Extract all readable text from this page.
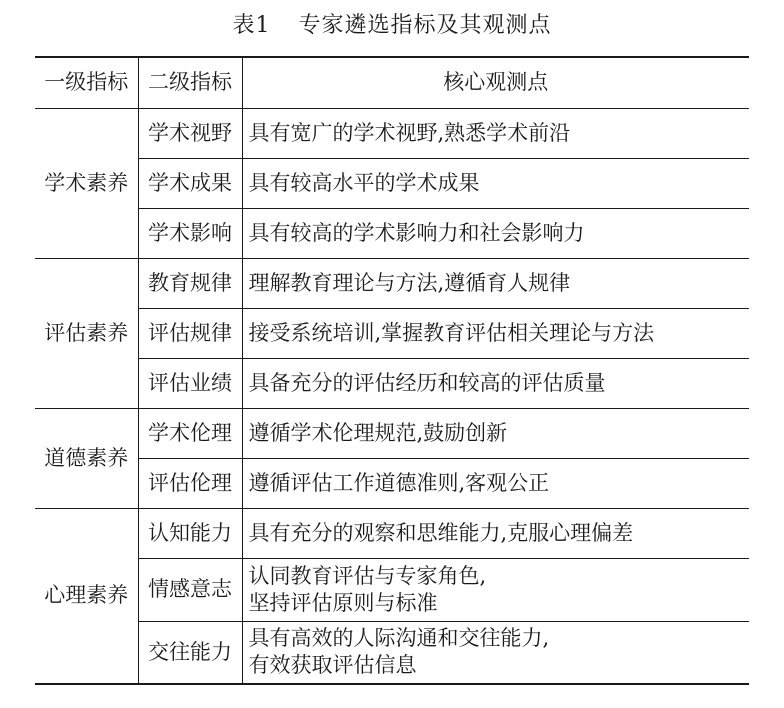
表1 专家遴选指标及其观测点
一级指标	二级指标	核心观测点
学术素养	学术视野	具有宽广的学术视野,熟悉学术前沿

	学术成果	具有较高水平的学术成果

	学术影响	具有较高的学术影响力和社会影响力

评估素养	教育规律	理解教育理论与方法,遵循育人规律

	评估规律	接受系统培训,掌握教育评估相关理论与方法

	评估业绩	具备充分的评估经历和较高的评估质量

道德素养	学术伦理	遵循学术伦理规范,鼓励创新

	评估伦理	遵循评估工作道德准则,客观公正

心理素养	认知能力	具有充分的观察和思维能力,克服心理偏差

	情感意志	认同教育评估与专家角色,
坚持评估原则与标准

	交往能力	具有高效的人际沟通和交往能力,
有效获取评估信息
